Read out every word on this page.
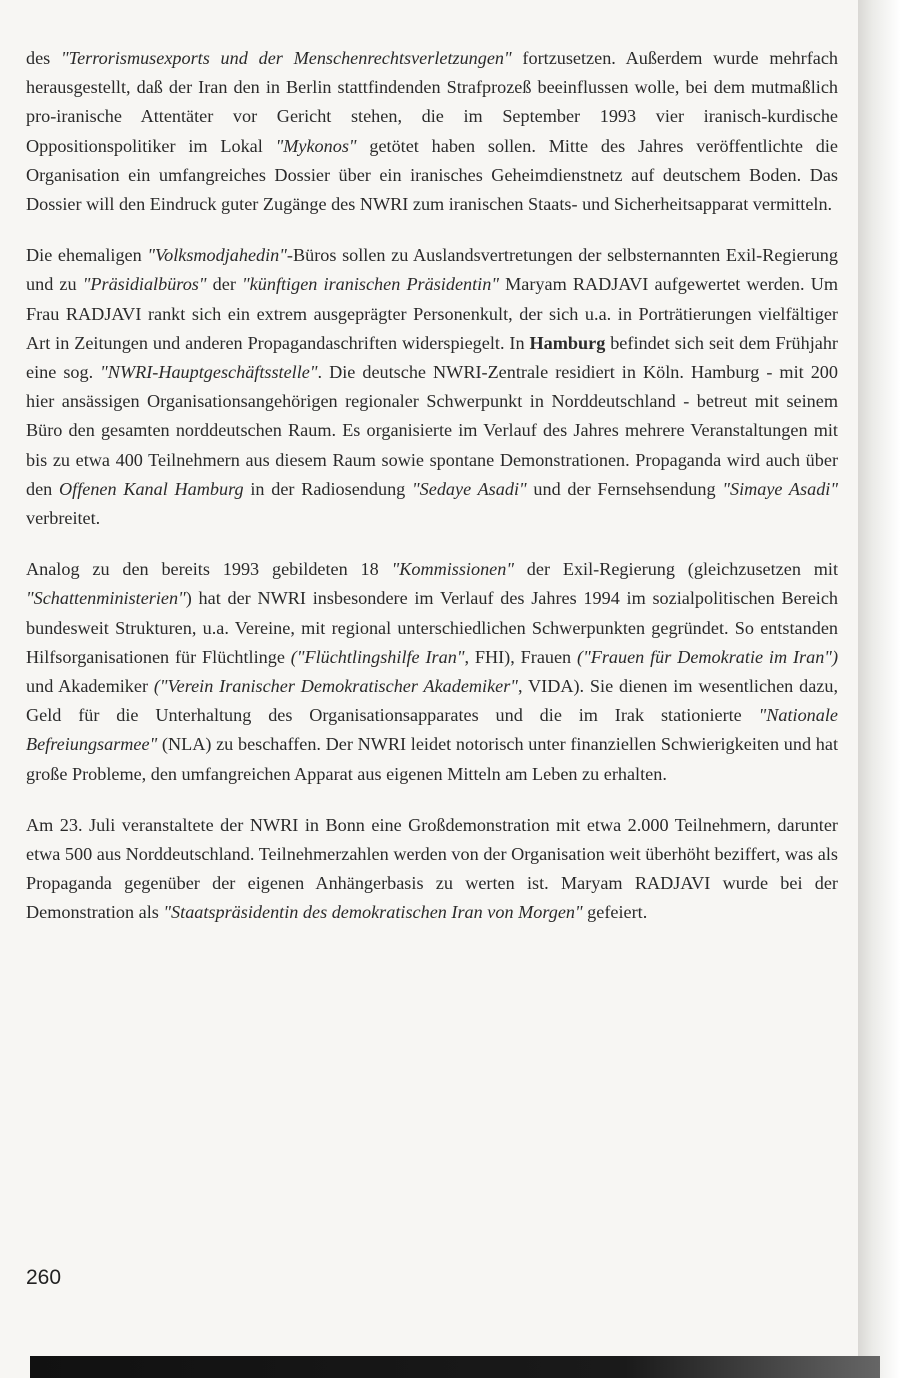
des "Terrorismusexports und der Menschenrechtsverletzungen" fortzusetzen. Außerdem wurde mehrfach herausgestellt, daß der Iran den in Berlin stattfindenden Strafprozeß beeinflussen wolle, bei dem mutmaßlich pro-iranische Attentäter vor Gericht stehen, die im September 1993 vier iranisch-kurdische Oppositionspolitiker im Lokal "Mykonos" getötet haben sollen. Mitte des Jahres veröffentlichte die Organisation ein umfangreiches Dossier über ein iranisches Geheimdienstnetz auf deutschem Boden. Das Dossier will den Eindruck guter Zugänge des NWRI zum iranischen Staats- und Sicherheitsapparat vermitteln.

Die ehemaligen "Volksmodjahedin"-Büros sollen zu Auslandsvertretungen der selbsternannten Exil-Regierung und zu "Präsidialbüros" der "künftigen iranischen Präsidentin" Maryam RADJAVI aufgewertet werden. Um Frau RADJAVI rankt sich ein extrem ausgeprägter Personenkult, der sich u.a. in Porträtierungen vielfältiger Art in Zeitungen und anderen Propagandaschriften widerspiegelt. In Hamburg befindet sich seit dem Frühjahr eine sog. "NWRI-Hauptgeschäftsstelle". Die deutsche NWRI-Zentrale residiert in Köln. Hamburg - mit 200 hier ansässigen Organisationsangehörigen regionaler Schwerpunkt in Norddeutschland - betreut mit seinem Büro den gesamten norddeutschen Raum. Es organisierte im Verlauf des Jahres mehrere Veranstaltungen mit bis zu etwa 400 Teilnehmern aus diesem Raum sowie spontane Demonstrationen. Propaganda wird auch über den Offenen Kanal Hamburg in der Radiosendung "Sedaye Asadi" und der Fernsehsendung "Simaye Asadi" verbreitet.

Analog zu den bereits 1993 gebildeten 18 "Kommissionen" der Exil-Regierung (gleichzusetzen mit "Schattenministerien") hat der NWRI insbesondere im Verlauf des Jahres 1994 im sozialpolitischen Bereich bundesweit Strukturen, u.a. Vereine, mit regional unterschiedlichen Schwerpunkten gegründet. So entstanden Hilfsorganisationen für Flüchtlinge ("Flüchtlingshilfe Iran", FHI), Frauen ("Frauen für Demokratie im Iran") und Akademiker ("Verein Iranischer Demokratischer Akademiker", VIDA). Sie dienen im wesentlichen dazu, Geld für die Unterhaltung des Organisationsapparates und die im Irak stationierte "Nationale Befreiungsarmee" (NLA) zu beschaffen. Der NWRI leidet notorisch unter finanziellen Schwierigkeiten und hat große Probleme, den umfangreichen Apparat aus eigenen Mitteln am Leben zu erhalten.

Am 23. Juli veranstaltete der NWRI in Bonn eine Großdemonstration mit etwa 2.000 Teilnehmern, darunter etwa 500 aus Norddeutschland. Teilnehmerzahlen werden von der Organisation weit überhöht beziffert, was als Propaganda gegenüber der eigenen Anhängerbasis zu werten ist. Maryam RADJAVI wurde bei der Demonstration als "Staatspräsidentin des demokratischen Iran von Morgen" gefeiert.

260
